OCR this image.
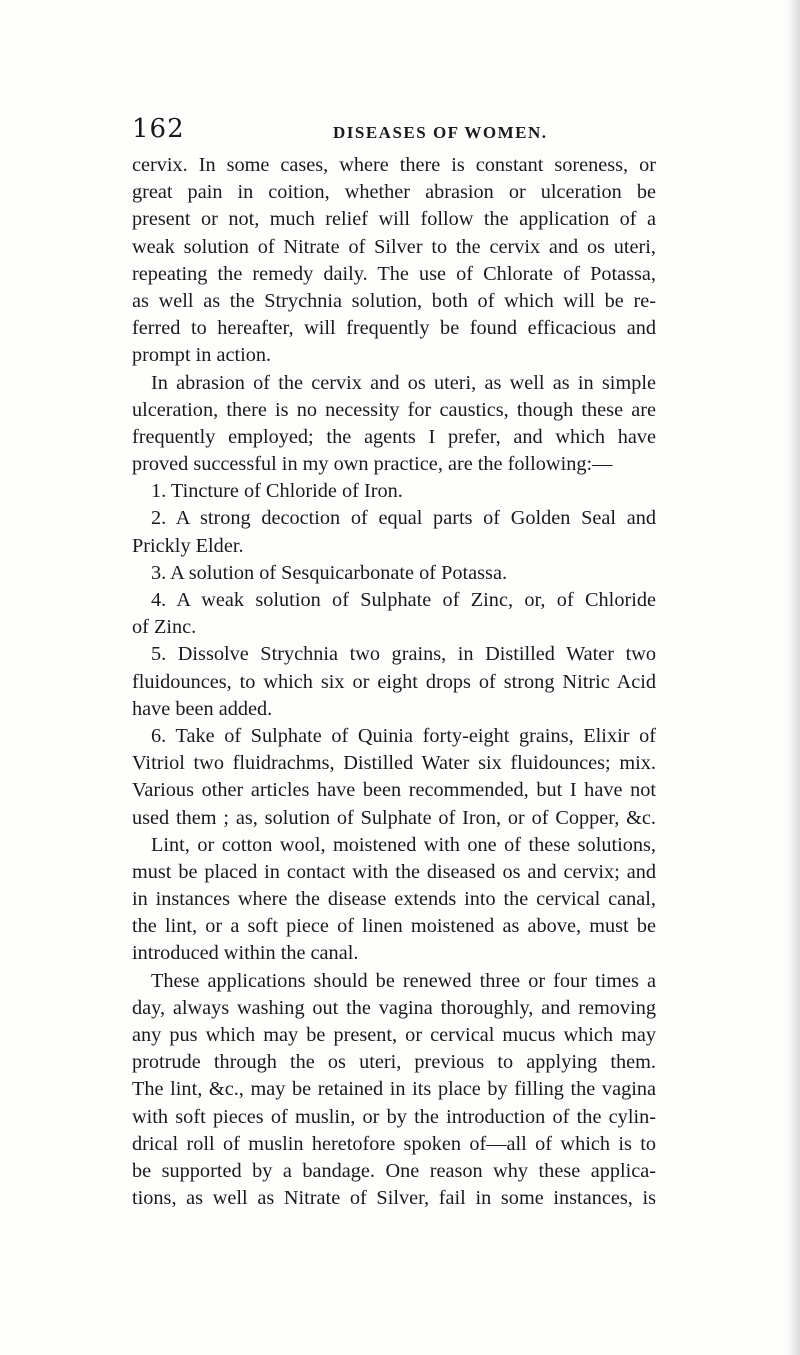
162	DISEASES OF WOMEN.
cervix. In some cases, where there is constant soreness, or
great pain in coition, whether abrasion or ulceration be
present or not, much relief will follow the application of a
weak solution of Nitrate of Silver to the cervix and os uteri,
repeating the remedy daily. The use of Chlorate of Potassa,
as well as the Strychnia solution, both of which will be re-
ferred to hereafter, will frequently be found efficacious and
prompt in action.
In abrasion of the cervix and os uteri, as well as in simple
ulceration, there is no necessity for caustics, though these are
frequently employed; the agents I prefer, and which have
proved successful in my own practice, are the following:—
1. Tincture of Chloride of Iron.
2. A strong decoction of equal parts of Golden Seal and
Prickly Elder.
3. A solution of Sesquicarbonate of Potassa.
4. A weak solution of Sulphate of Zinc, or, of Chloride
of Zinc.
5. Dissolve Strychnia two grains, in Distilled Water two
fluidounces, to which six or eight drops of strong Nitric Acid
have been added.
6. Take of Sulphate of Quinia forty-eight grains, Elixir of
Vitriol two fluidrachms, Distilled Water six fluidounces; mix.
Various other articles have been recommended, but I have not
used them ; as, solution of Sulphate of Iron, or of Copper, &c.
Lint, or cotton wool, moistened with one of these solutions,
must be placed in contact with the diseased os and cervix; and
in instances where the disease extends into the cervical canal,
the lint, or a soft piece of linen moistened as above, must be
introduced within the canal.
These applications should be renewed three or four times a
day, always washing out the vagina thoroughly, and removing
any pus which may be present, or cervical mucus which may
protrude through the os uteri, previous to applying them.
The lint, &c., may be retained in its place by filling the vagina
with soft pieces of muslin, or by the introduction of the cylin-
drical roll of muslin heretofore spoken of—all of which is to
be supported by a bandage. One reason why these applica-
tions, as well as Nitrate of Silver, fail in some instances, is
